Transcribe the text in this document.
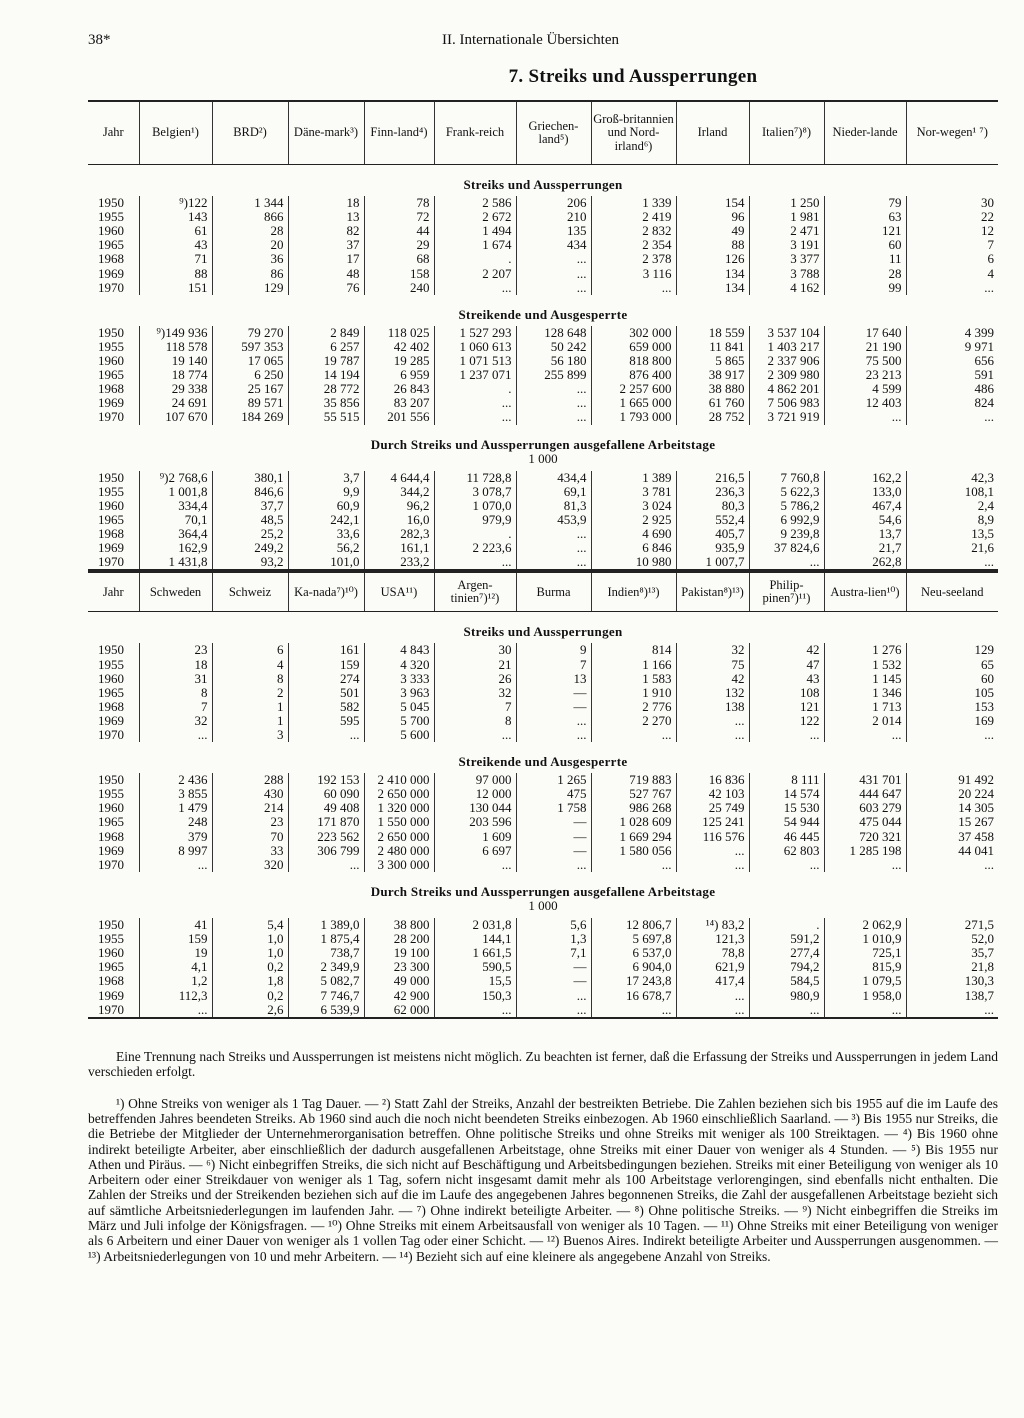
38*	II. Internationale Übersichten
7. Streiks und Aussperrungen
Jahr	Belgien¹)	BRD²)	Däne-mark³)	Finn-land⁴)	Frank-reich	Griechen-land⁵)	Groß-britannien und Nord-irland⁶)	Irland	Italien⁷)⁸)	Nieder-lande	Nor-wegen¹ ⁷)
Streiks und Aussperrungen											
1950	⁹)122	1 344	18	78	2 586	206	1 339	154	1 250	79	30
1955	143	866	13	72	2 672	210	2 419	96	1 981	63	22
1960	61	28	82	44	1 494	135	2 832	49	2 471	121	12
1965	43	20	37	29	1 674	434	2 354	88	3 191	60	7
1968	71	36	17	68	.	...	2 378	126	3 377	11	6
1969	88	86	48	158	2 207	...	3 116	134	3 788	28	4
1970	151	129	76	240	...	...	...	134	4 162	99	...
Streikende und Ausgesperrte											
1950	⁹)149 936	79 270	2 849	118 025	1 527 293	128 648	302 000	18 559	3 537 104	17 640	4 399
1955	118 578	597 353	6 257	42 402	1 060 613	50 242	659 000	11 841	1 403 217	21 190	9 971
1960	19 140	17 065	19 787	19 285	1 071 513	56 180	818 800	5 865	2 337 906	75 500	656
1965	18 774	6 250	14 194	6 959	1 237 071	255 899	876 400	38 917	2 309 980	23 213	591
1968	29 338	25 167	28 772	26 843	.	...	2 257 600	38 880	4 862 201	4 599	486
1969	24 691	89 571	35 856	83 207	...	...	1 665 000	61 760	7 506 983	12 403	824
1970	107 670	184 269	55 515	201 556	...	...	1 793 000	28 752	3 721 919	...	...
Durch Streiks und Aussperrungen ausgefallene Arbeitstage											
1 000											
1950	⁹)2 768,6	380,1	3,7	4 644,4	11 728,8	434,4	1 389	216,5	7 760,8	162,2	42,3
1955	1 001,8	846,6	9,9	344,2	3 078,7	69,1	3 781	236,3	5 622,3	133,0	108,1
1960	334,4	37,7	60,9	96,2	1 070,0	81,3	3 024	80,3	5 786,2	467,4	2,4
1965	70,1	48,5	242,1	16,0	979,9	453,9	2 925	552,4	6 992,9	54,6	8,9
1968	364,4	25,2	33,6	282,3	.	...	4 690	405,7	9 239,8	13,7	13,5
1969	162,9	249,2	56,2	161,1	2 223,6	...	6 846	935,9	37 824,6	21,7	21,6
1970	1 431,8	93,2	101,0	233,2	...	...	10 980	1 007,7	...	262,8	...

Jahr	Schweden	Schweiz	Ka-nada⁷)¹⁰)	USA¹¹)	Argen-tinien⁷)¹²)	Burma	Indien⁸)¹³)	Pakistan⁸)¹³)	Philip-pinen⁷)¹¹)	Austra-lien¹⁰)	Neu-seeland
Streiks und Aussperrungen											
1950	23	6	161	4 843	30	9	814	32	42	1 276	129
1955	18	4	159	4 320	21	7	1 166	75	47	1 532	65
1960	31	8	274	3 333	26	13	1 583	42	43	1 145	60
1965	8	2	501	3 963	32	—	1 910	132	108	1 346	105
1968	7	1	582	5 045	7	—	2 776	138	121	1 713	153
1969	32	1	595	5 700	8	...	2 270	...	122	2 014	169
1970	...	3	...	5 600	...	...	...	...	...	...	...
Streikende und Ausgesperrte											
1950	2 436	288	192 153	2 410 000	97 000	1 265	719 883	16 836	8 111	431 701	91 492
1955	3 855	430	60 090	2 650 000	12 000	475	527 767	42 103	14 574	444 647	20 224
1960	1 479	214	49 408	1 320 000	130 044	1 758	986 268	25 749	15 530	603 279	14 305
1965	248	23	171 870	1 550 000	203 596	—	1 028 609	125 241	54 944	475 044	15 267
1968	379	70	223 562	2 650 000	1 609	—	1 669 294	116 576	46 445	720 321	37 458
1969	8 997	33	306 799	2 480 000	6 697	—	1 580 056	...	62 803	1 285 198	44 041
1970	...	320	...	3 300 000	...	...	...	...	...	...	...
Durch Streiks und Aussperrungen ausgefallene Arbeitstage											
1 000											
1950	41	5,4	1 389,0	38 800	2 031,8	5,6	12 806,7	¹⁴) 83,2	.	2 062,9	271,5
1955	159	1,0	1 875,4	28 200	144,1	1,3	5 697,8	121,3	591,2	1 010,9	52,0
1960	19	1,0	738,7	19 100	1 661,5	7,1	6 537,0	78,8	277,4	725,1	35,7
1965	4,1	0,2	2 349,9	23 300	590,5	—	6 904,0	621,9	794,2	815,9	21,8
1968	1,2	1,8	5 082,7	49 000	15,5	—	17 243,8	417,4	584,5	1 079,5	130,3
1969	112,3	0,2	7 746,7	42 900	150,3	...	16 678,7	...	980,9	1 958,0	138,7
1970	...	2,6	6 539,9	62 000	...	...	...	...	...	...	...

Eine Trennung nach Streiks und Aussperrungen ist meistens nicht möglich. Zu beachten ist ferner, daß die Erfassung der Streiks und Aussperrungen in jedem Land verschieden erfolgt.

¹) Ohne Streiks von weniger als 1 Tag Dauer. — ²) Statt Zahl der Streiks, Anzahl der bestreikten Betriebe. Die Zahlen beziehen sich bis 1955 auf die im Laufe des betreffenden Jahres beendeten Streiks. Ab 1960 sind auch die noch nicht beendeten Streiks einbezogen. Ab 1960 einschließlich Saarland. — ³) Bis 1955 nur Streiks, die die Betriebe der Mitglieder der Unternehmerorganisation betreffen. Ohne politische Streiks und ohne Streiks mit weniger als 100 Streiktagen. — ⁴) Bis 1960 ohne indirekt beteiligte Arbeiter, aber einschließlich der dadurch ausgefallenen Arbeitstage, ohne Streiks mit einer Dauer von weniger als 4 Stunden. — ⁵) Bis 1955 nur Athen und Piräus. — ⁶) Nicht einbegriffen Streiks, die sich nicht auf Beschäftigung und Arbeitsbedingungen beziehen. Streiks mit einer Beteiligung von weniger als 10 Arbeitern oder einer Streikdauer von weniger als 1 Tag, sofern nicht insgesamt damit mehr als 100 Arbeitstage verlorengingen, sind ebenfalls nicht enthalten. Die Zahlen der Streiks und der Streikenden beziehen sich auf die im Laufe des angegebenen Jahres begonnenen Streiks, die Zahl der ausgefallenen Arbeitstage bezieht sich auf sämtliche Arbeitsniederlegungen im laufenden Jahr. — ⁷) Ohne indirekt beteiligte Arbeiter. — ⁸) Ohne politische Streiks. — ⁹) Nicht einbegriffen die Streiks im März und Juli infolge der Königsfragen. — ¹⁰) Ohne Streiks mit einem Arbeitsausfall von weniger als 10 Tagen. — ¹¹) Ohne Streiks mit einer Beteiligung von weniger als 6 Arbeitern und einer Dauer von weniger als 1 vollen Tag oder einer Schicht. — ¹²) Buenos Aires. Indirekt beteiligte Arbeiter und Aussperrungen ausgenommen. — ¹³) Arbeitsniederlegungen von 10 und mehr Arbeitern. — ¹⁴) Bezieht sich auf eine kleinere als angegebene Anzahl von Streiks.
